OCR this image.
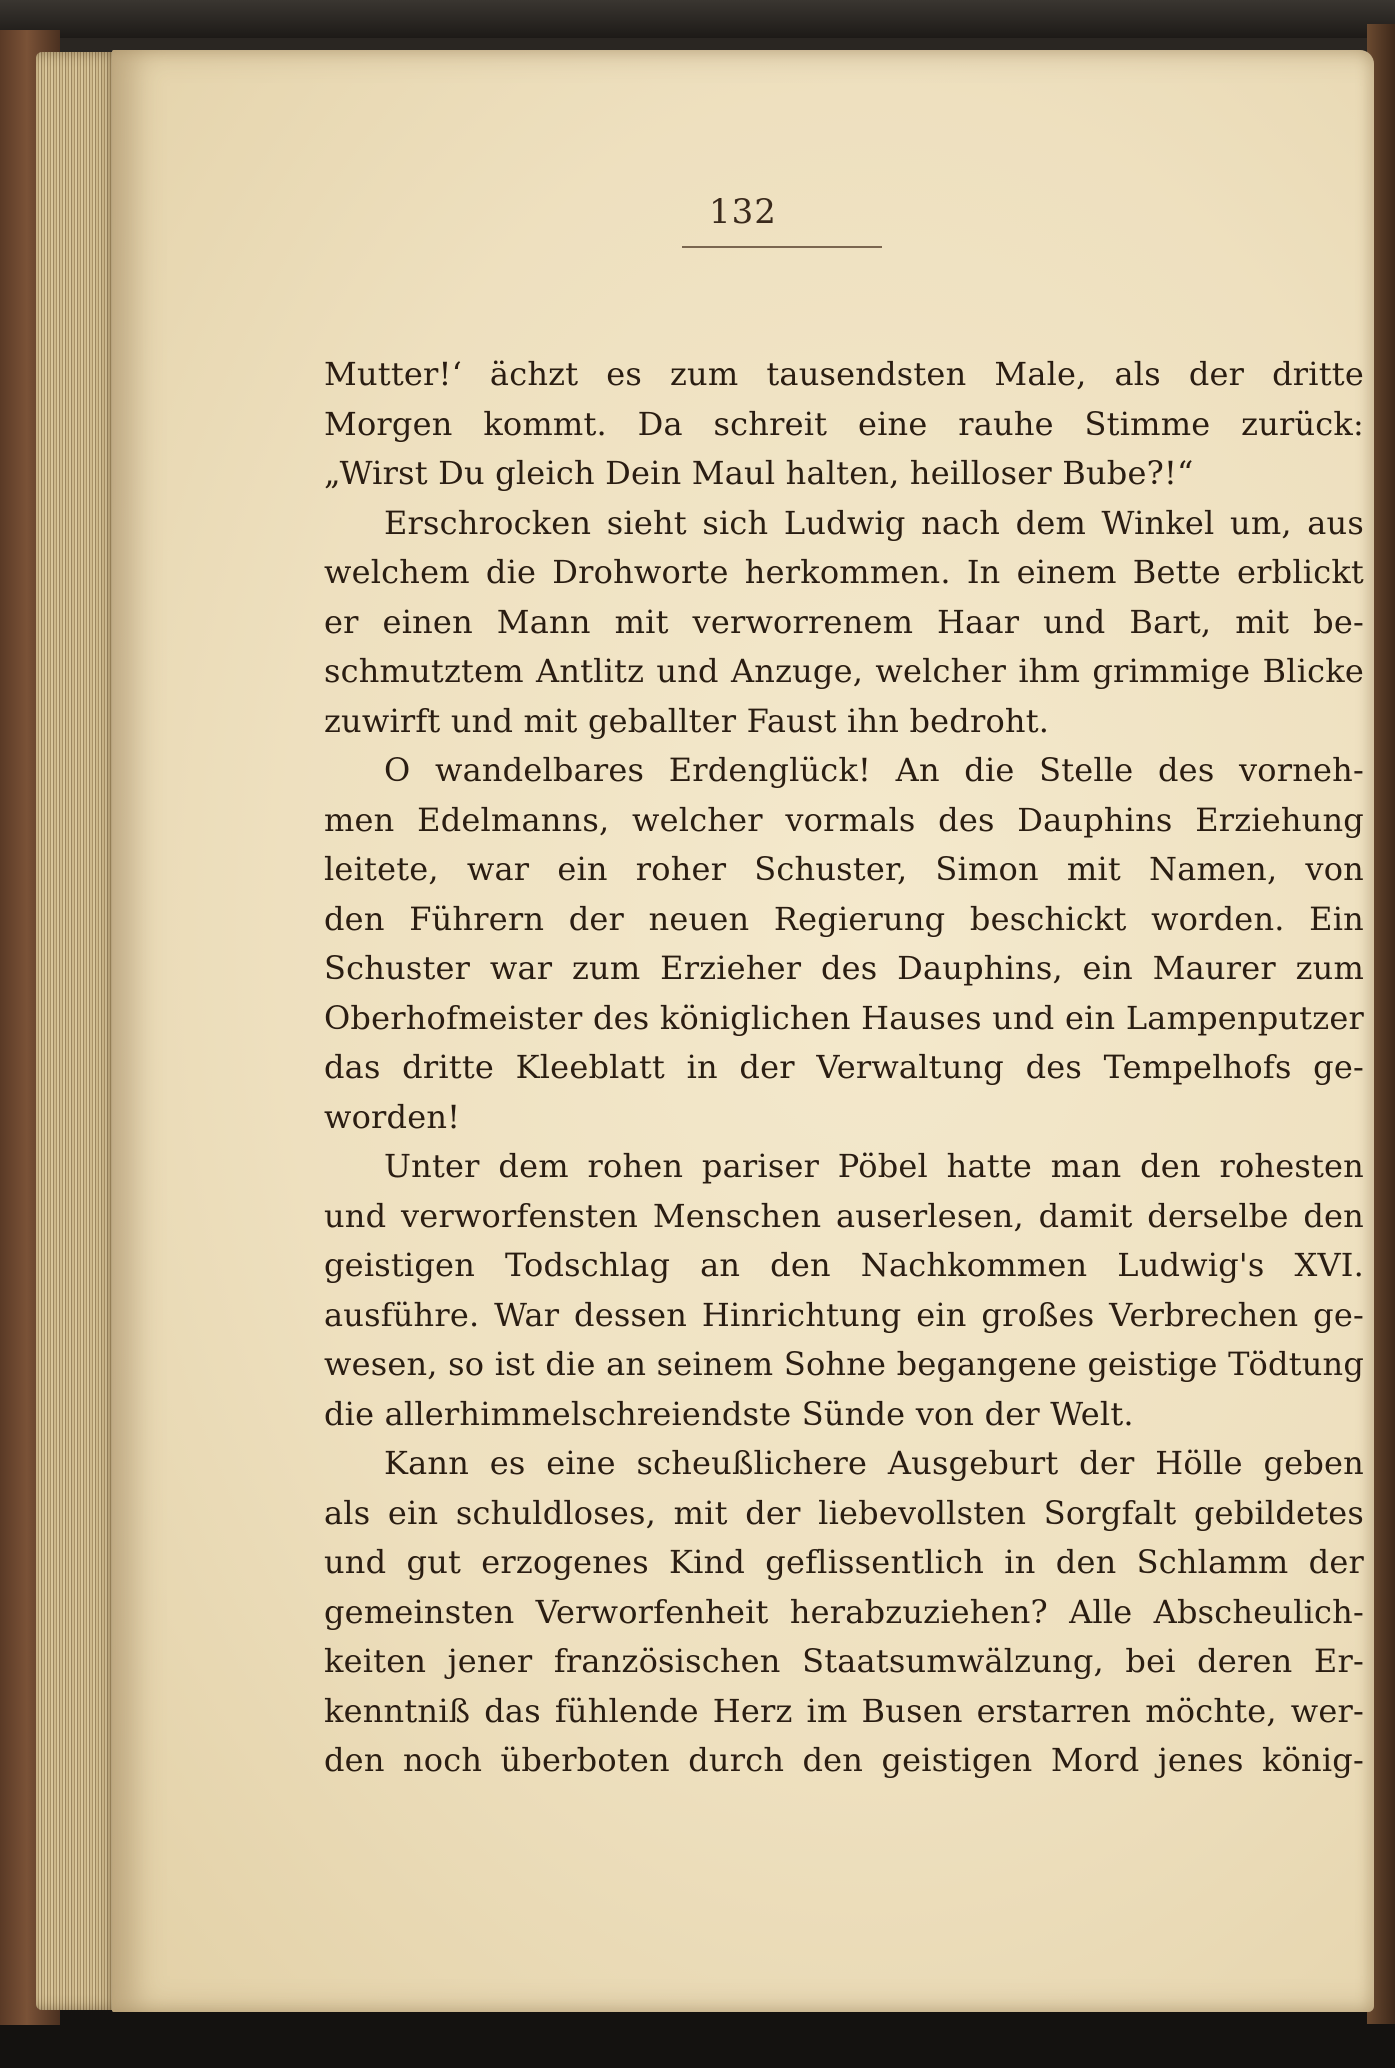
132
Mutter!‘ ächzt es zum tausendsten Male, als der dritte
Morgen kommt. Da schreit eine rauhe Stimme zurück:
„Wirst Du gleich Dein Maul halten, heilloser Bube?!“
Erschrocken sieht sich Ludwig nach dem Winkel um, aus
welchem die Drohworte herkommen. In einem Bette erblickt
er einen Mann mit verworrenem Haar und Bart, mit be-
schmutztem Antlitz und Anzuge, welcher ihm grimmige Blicke
zuwirft und mit geballter Faust ihn bedroht.
O wandelbares Erdenglück! An die Stelle des vorneh-
men Edelmanns, welcher vormals des Dauphins Erziehung
leitete, war ein roher Schuster, Simon mit Namen, von
den Führern der neuen Regierung beschickt worden. Ein
Schuster war zum Erzieher des Dauphins, ein Maurer zum
Oberhofmeister des königlichen Hauses und ein Lampenputzer
das dritte Kleeblatt in der Verwaltung des Tempelhofs ge-
worden!
Unter dem rohen pariser Pöbel hatte man den rohesten
und verworfensten Menschen auserlesen, damit derselbe den
geistigen Todschlag an den Nachkommen Ludwig's XVI.
ausführe. War dessen Hinrichtung ein großes Verbrechen ge-
wesen, so ist die an seinem Sohne begangene geistige Tödtung
die allerhimmelschreiendste Sünde von der Welt.
Kann es eine scheußlichere Ausgeburt der Hölle geben
als ein schuldloses, mit der liebevollsten Sorgfalt gebildetes
und gut erzogenes Kind geflissentlich in den Schlamm der
gemeinsten Verworfenheit herabzuziehen? Alle Abscheulich-
keiten jener französischen Staatsumwälzung, bei deren Er-
kenntniß das fühlende Herz im Busen erstarren möchte, wer-
den noch überboten durch den geistigen Mord jenes könig-
